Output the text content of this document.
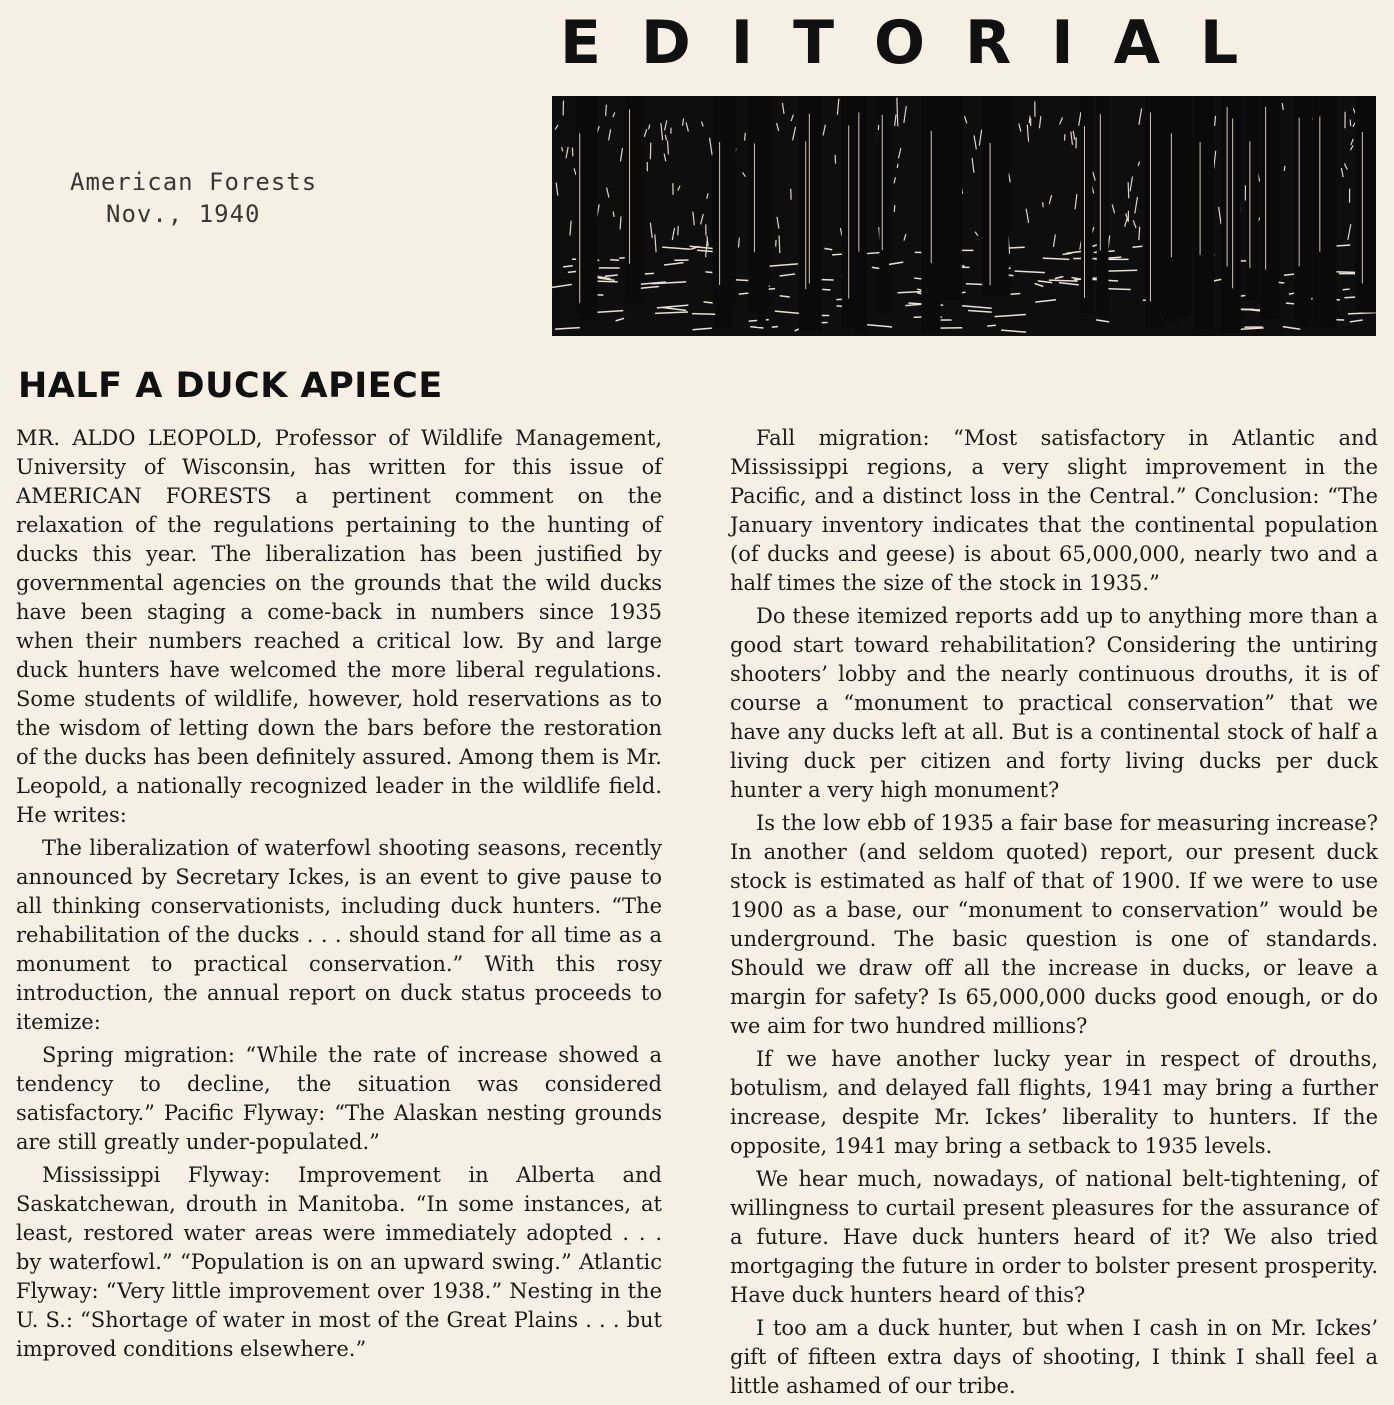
American Forests
Nov., 1940
EDITORIAL
HALF A DUCK APIECE

MR. ALDO LEOPOLD, Professor of Wildlife Management, University of Wisconsin, has written for this issue of AMERICAN FORESTS a pertinent comment on the relaxation of the regulations pertaining to the hunting of ducks this year. The liberalization has been justified by governmental agencies on the grounds that the wild ducks have been staging a come-back in numbers since 1935 when their numbers reached a critical low. By and large duck hunters have welcomed the more liberal regulations. Some students of wildlife, however, hold reservations as to the wisdom of letting down the bars before the restoration of the ducks has been definitely assured. Among them is Mr. Leopold, a nationally recognized leader in the wildlife field. He writes:

The liberalization of waterfowl shooting seasons, recently announced by Secretary Ickes, is an event to give pause to all thinking conservationists, including duck hunters. “The rehabilitation of the ducks . . . should stand for all time as a monument to practical conservation.” With this rosy introduction, the annual report on duck status proceeds to itemize:

Spring migration: “While the rate of increase showed a tendency to decline, the situation was considered satisfactory.” Pacific Flyway: “The Alaskan nesting grounds are still greatly under-populated.”

Mississippi Flyway: Improvement in Alberta and Saskatchewan, drouth in Manitoba. “In some instances, at least, restored water areas were immediately adopted . . . by waterfowl.” “Population is on an upward swing.” Atlantic Flyway: “Very little improvement over 1938.” Nesting in the U. S.: “Shortage of water in most of the Great Plains . . . but improved conditions elsewhere.”

Fall migration: “Most satisfactory in Atlantic and Mississippi regions, a very slight improvement in the Pacific, and a distinct loss in the Central.” Conclusion: “The January inventory indicates that the continental population (of ducks and geese) is about 65,000,000, nearly two and a half times the size of the stock in 1935.”

Do these itemized reports add up to anything more than a good start toward rehabilitation? Considering the untiring shooters’ lobby and the nearly continuous drouths, it is of course a “monument to practical conservation” that we have any ducks left at all. But is a continental stock of half a living duck per citizen and forty living ducks per duck hunter a very high monument?

Is the low ebb of 1935 a fair base for measuring increase? In another (and seldom quoted) report, our present duck stock is estimated as half of that of 1900. If we were to use 1900 as a base, our “monument to conservation” would be underground. The basic question is one of standards. Should we draw off all the increase in ducks, or leave a margin for safety? Is 65,000,000 ducks good enough, or do we aim for two hundred millions?

If we have another lucky year in respect of drouths, botulism, and delayed fall flights, 1941 may bring a further increase, despite Mr. Ickes’ liberality to hunters. If the opposite, 1941 may bring a setback to 1935 levels.

We hear much, nowadays, of national belt-tightening, of willingness to curtail present pleasures for the assurance of a future. Have duck hunters heard of it? We also tried mortgaging the future in order to bolster present prosperity. Have duck hunters heard of this?

I too am a duck hunter, but when I cash in on Mr. Ickes’ gift of fifteen extra days of shooting, I think I shall feel a little ashamed of our tribe.
